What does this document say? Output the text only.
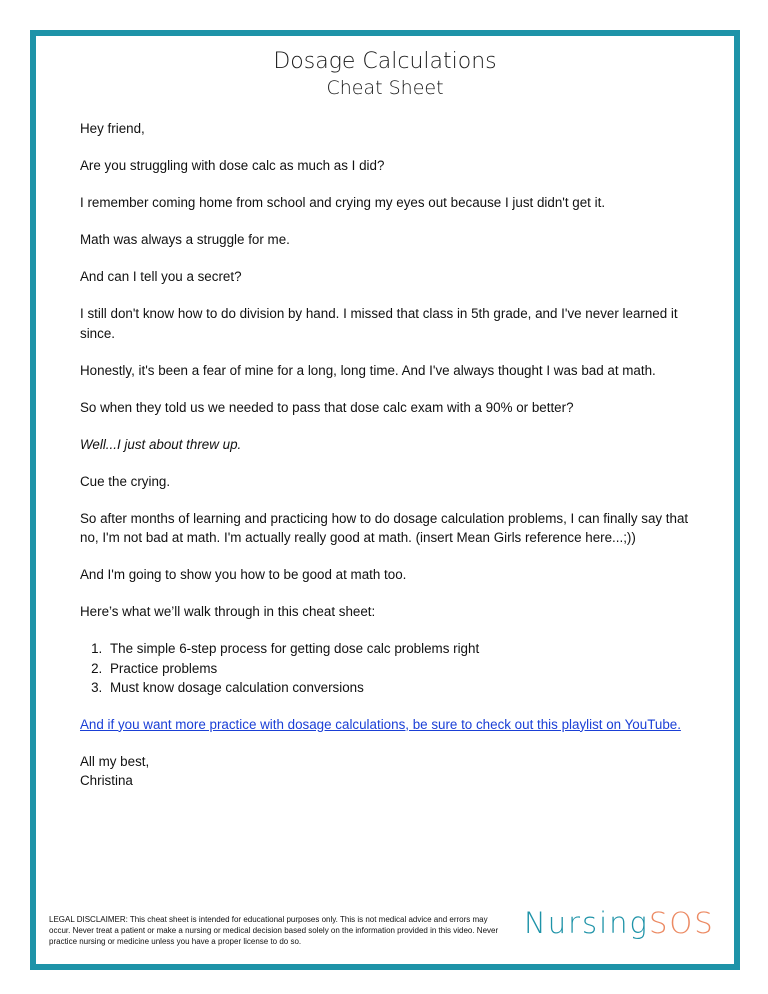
Dosage Calculations
Cheat Sheet

Hey friend,

Are you struggling with dose calc as much as I did?

I remember coming home from school and crying my eyes out because I just didn't get it.

Math was always a struggle for me.

And can I tell you a secret?

I still don't know how to do division by hand. I missed that class in 5th grade, and I've never learned it since.

Honestly, it's been a fear of mine for a long, long time. And I've always thought I was bad at math.

So when they told us we needed to pass that dose calc exam with a 90% or better?

Well...I just about threw up.

Cue the crying.

So after months of learning and practicing how to do dosage calculation problems, I can finally say that no, I'm not bad at math. I'm actually really good at math. (insert Mean Girls reference here...;))

And I'm going to show you how to be good at math too.

Here’s what we’ll walk through in this cheat sheet:

1. The simple 6-step process for getting dose calc problems right
2. Practice problems
3. Must know dosage calculation conversions

And if you want more practice with dosage calculations, be sure to check out this playlist on YouTube.

All my best,
Christina
LEGAL DISCLAIMER: This cheat sheet is intended for educational purposes only. This is not medical advice and errors may occur. Never treat a patient or make a nursing or medical decision based solely on the information provided in this video. Never practice nursing or medicine unless you have a proper license to do so.
NursingSOS
